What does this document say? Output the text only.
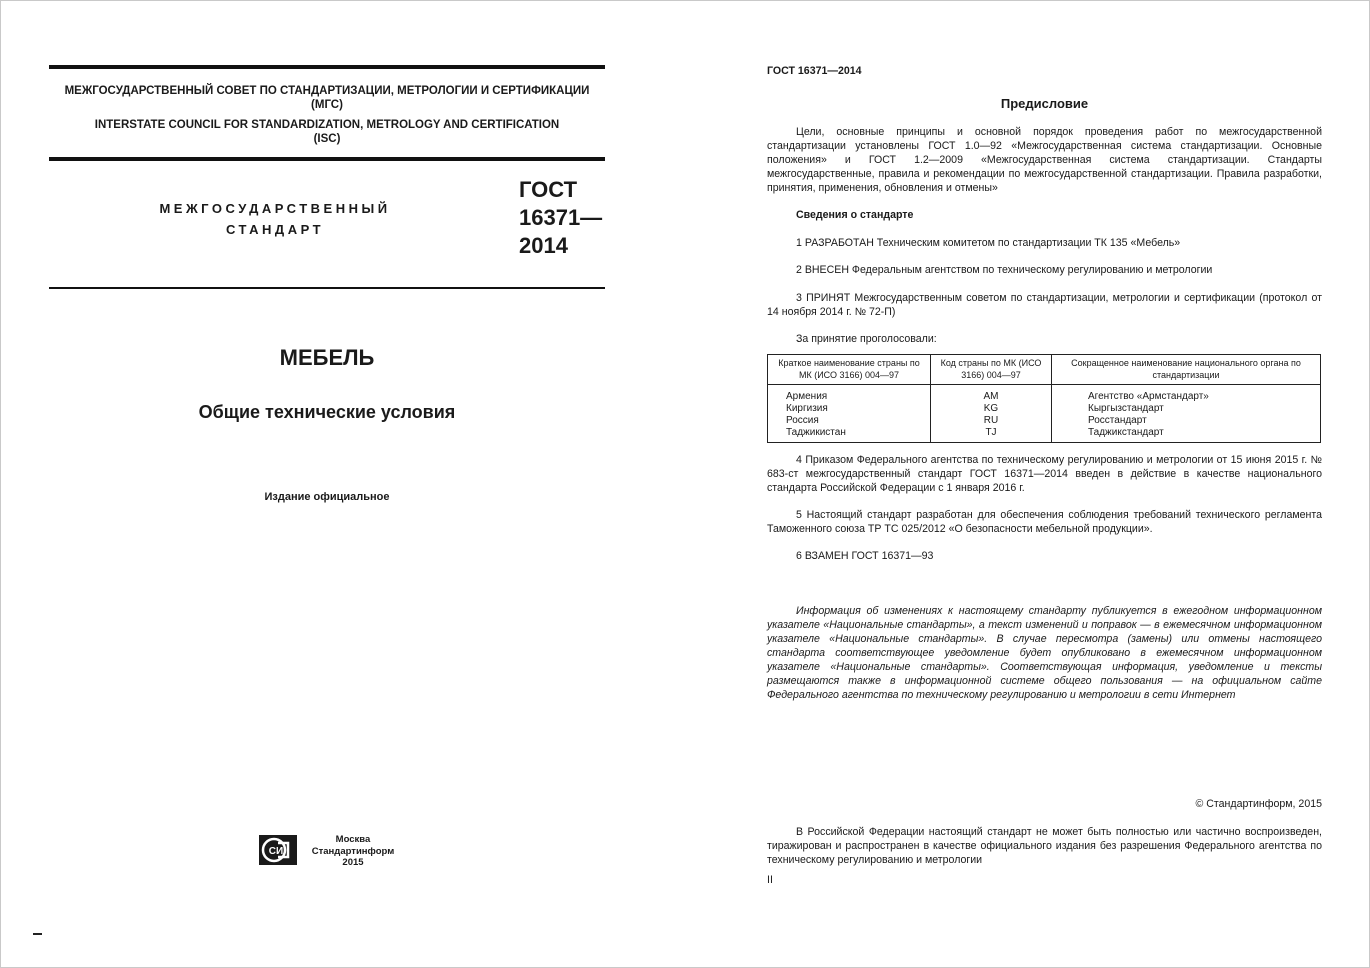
МЕЖГОСУДАРСТВЕННЫЙ СОВЕТ ПО СТАНДАРТИЗАЦИИ, МЕТРОЛОГИИ И СЕРТИФИКАЦИИ
(МГС)
INTERSTATE COUNCIL FOR STANDARDIZATION, METROLOGY AND CERTIFICATION
(ISC)
МЕЖГОСУДАРСТВЕННЫЙ
СТАНДАРТ
ГОСТ
16371—
2014
МЕБЕЛЬ
Общие технические условия
Издание официальное
СИ
Москва
Стандартинформ
2015
ГОСТ 16371—2014
Предисловие
Цели, основные принципы и основной порядок проведения работ по межгосударственной стандартизации установлены ГОСТ 1.0—92 «Межгосударственная система стандартизации. Основные положения» и ГОСТ 1.2—2009 «Межгосударственная система стандартизации. Стандарты межгосударственные, правила и рекомендации по межгосударственной стандартизации. Правила разработки, принятия, применения, обновления и отмены»
Сведения о стандарте
1 РАЗРАБОТАН Техническим комитетом по стандартизации ТК 135 «Мебель»
2 ВНЕСЕН Федеральным агентством по техническому регулированию и метрологии
3 ПРИНЯТ Межгосударственным советом по стандартизации, метрологии и сертификации (протокол от 14 ноября 2014 г. № 72-П)
За принятие проголосовали:
Краткое наименование страны по МК (ИСО 3166) 004—97	Код страны по МК (ИСО 3166) 004—97	Сокращенное наименование национального органа по стандартизации
Армения	AM	Агентство «Армстандарт»
Киргизия	KG	Кыргызстандарт
Россия	RU	Росстандарт
Таджикистан	TJ	Таджикстандарт
4 Приказом Федерального агентства по техническому регулированию и метрологии от 15 июня 2015 г. № 683-ст межгосударственный стандарт ГОСТ 16371—2014 введен в действие в качестве национального стандарта Российской Федерации с 1 января 2016 г.
5 Настоящий стандарт разработан для обеспечения соблюдения требований технического регламента Таможенного союза ТР ТС 025/2012 «О безопасности мебельной продукции».
6 ВЗАМЕН ГОСТ 16371—93
Информация об изменениях к настоящему стандарту публикуется в ежегодном информационном указателе «Национальные стандарты», а текст изменений и поправок — в ежемесячном информационном указателе «Национальные стандарты». В случае пересмотра (замены) или отмены настоящего стандарта соответствующее уведомление будет опубликовано в ежемесячном информационном указателе «Национальные стандарты». Соответствующая информация, уведомление и тексты размещаются также в информационной системе общего пользования — на официальном сайте Федерального агентства по техническому регулированию и метрологии в сети Интернет
© Стандартинформ, 2015
В Российской Федерации настоящий стандарт не может быть полностью или частично воспроизведен, тиражирован и распространен в качестве официального издания без разрешения Федерального агентства по техническому регулированию и метрологии
II
